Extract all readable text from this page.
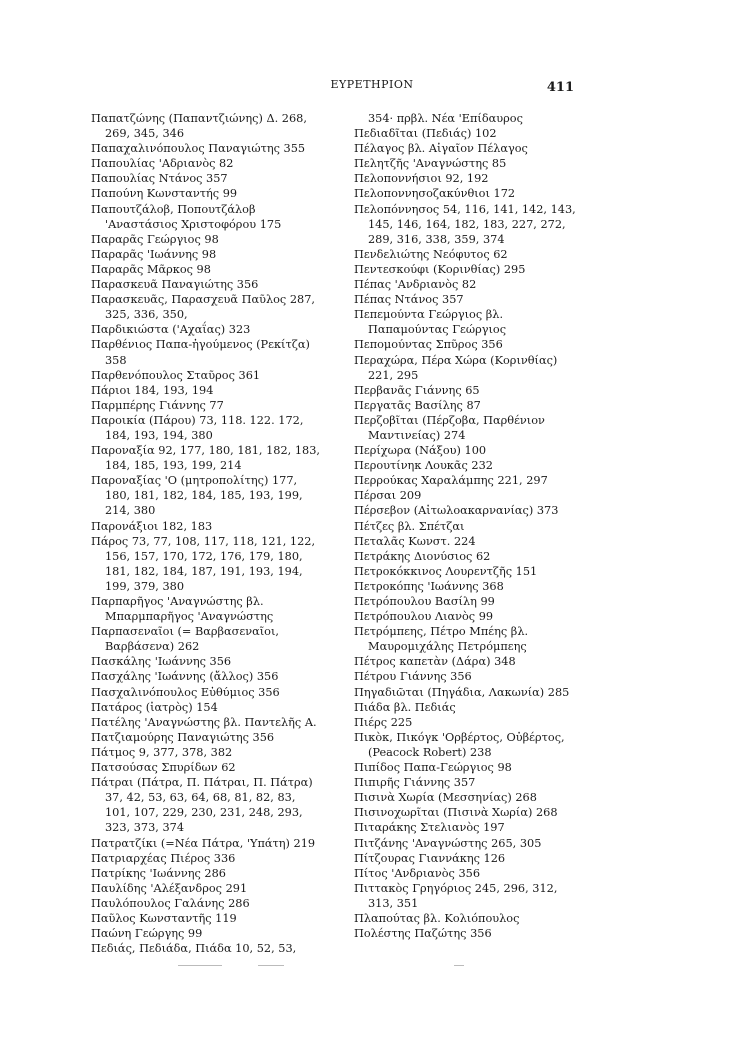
ΕΥΡΕΤΗΡΙΟΝ	411
Παπατζώνης (Παπαντζιώνης) Δ. 268, 269, 345, 346
Παπαχαλινόπουλος Παναγιώτης 355
Παπουλίας 'Αδριανὸς 82
Παπουλίας Ντάνος 357
Παπούνη Κωνσταντής 99
Παπουτζάλοβ, Ποπουτζάλοβ 'Αναστάσιος Χριστοφόρου 175
Παραρᾶς Γεώργιος 98
Παραρᾶς 'Ιωάννης 98
Παραρᾶς Μᾶρκος 98
Παρασκευᾶ Παναγιώτης 356
Παρασκευᾶς, Παρασχευᾶ Παῦλος 287, 325, 336, 350,
Παρδικιώστα ('Αχαΐας) 323
Παρθένιος Παπα-ἡγούμενος (Ρεκίτζα) 358
Παρθενόπουλος Σταῦρος 361
Πάριοι 184, 193, 194
Παρμπέρης Γιάννης 77
Παροικία (Πάρου) 73, 118. 122. 172, 184, 193, 194, 380
Παροναξία 92, 177, 180, 181, 182, 183, 184, 185, 193, 199, 214
Παροναξίας 'Ο (μητροπολίτης) 177, 180, 181, 182, 184, 185, 193, 199, 214, 380
Παρονάξιοι 182, 183
Πάρος 73, 77, 108, 117, 118, 121, 122, 156, 157, 170, 172, 176, 179, 180, 181, 182, 184, 187, 191, 193, 194, 199, 379, 380
Παρπαρῆγος 'Αναγνώστης βλ. Μπαρμπαρῆγος 'Αναγνώστης
Παρπασεναῖοι (= Βαρβασεναῖοι, Βαρβάσενα) 262
Πασκάλης 'Ιωάννης 356
Πασχάλης 'Ιωάννης (ἄλλος) 356
Πασχαλινόπουλος Εὐθύμιος 356
Πατάρος (ἰατρὸς) 154
Πατέλης 'Αναγνώστης βλ. Παντελῆς Α.
Πατζιαμούρης Παναγιώτης 356
Πάτμος 9, 377, 378, 382
Πατσούσας Σπυρίδων 62
Πάτραι (Πάτρα, Π. Πάτραι, Π. Πάτρα) 37, 42, 53, 63, 64, 68, 81, 82, 83, 101, 107, 229, 230, 231, 248, 293, 323, 373, 374
Πατρατζίκι (=Νέα Πάτρα, 'Υπάτη) 219
Πατριαρχέας Πιέρος 336
Πατρίκης 'Ιωάννης 286
Παυλίδης 'Αλέξανδρος 291
Παυλόπουλος Γαλάνης 286
Παῦλος Κωνσταντῆς 119
Παώνη Γεώργης 99
Πεδιάς, Πεδιάδα, Πιάδα 10, 52, 53,
354· πρβλ. Νέα 'Επίδαυρος
Πεδιαδῖται (Πεδιάς) 102
Πέλαγος βλ. Αἰγαῖον Πέλαγος
Πελητζῆς 'Αναγνώστης 85
Πελοποννήσιοι 92, 192
Πελοποννησοζακύνθιοι 172
Πελοπόννησος 54, 116, 141, 142, 143, 145, 146, 164, 182, 183, 227, 272, 289, 316, 338, 359, 374
Πενδελιώτης Νεόφυτος 62
Πεντεσκούφι (Κορινθίας) 295
Πέπας 'Ανδριανὸς 82
Πέπας Ντάνος 357
Πεπεμούντα Γεώργιος βλ. Παπαμούντας Γεώργιος
Πεπομούντας Σπῦρος 356
Περαχώρα, Πέρα Χώρα (Κορινθίας) 221, 295
Περβανᾶς Γιάννης 65
Περγατᾶς Βασίλης 87
Περζοβῖται (Πέρζοβα, Παρθένιον Μαντινείας) 274
Περίχωρα (Νάξου) 100
Περουτίνηκ Λουκᾶς 232
Περρούκας Χαραλάμπης 221, 297
Πέρσαι 209
Πέρσεβον (Αἰτωλοακαρνανίας) 373
Πέτζες βλ. Σπέτζαι
Πεταλᾶς Κωνστ. 224
Πετράκης Διονύσιος 62
Πετροκόκκινος Λουρεντζῆς 151
Πετροκόπης 'Ιωάννης 368
Πετρόπουλου Βασίλη 99
Πετρόπουλου Λιανὸς 99
Πετρόμπεης, Πέτρο Μπέης βλ. Μαυρομιχάλης Πετρόμπεης
Πέτρος καπετὰν (Δάρα) 348
Πέτρου Γιάννης 356
Πηγαδιῶται (Πηγάδια, Λακωνία) 285
Πιάδα βλ. Πεδιάς
Πιέρς 225
Πικὸκ, Πικόγκ 'Ορβέρτος, Οὐβέρτος, (Peacock Robert) 238
Πιπίδος Παπα-Γεώργιος 98
Πιπιρῆς Γιάννης 357
Πισινὰ Χωρία (Μεσσηνίας) 268
Πισινοχωρῖται (Πισινὰ Χωρία) 268
Πιταράκης Στελιανὸς 197
Πιτζάνης 'Αναγνώστης 265, 305
Πίτζουρας Γιαννάκης 126
Πίτος 'Ανδριανὸς 356
Πιττακὸς Γρηγόριος 245, 296, 312, 313, 351
Πλαπούτας βλ. Κολιόπουλος
Πολέστης Παζώτης 356
